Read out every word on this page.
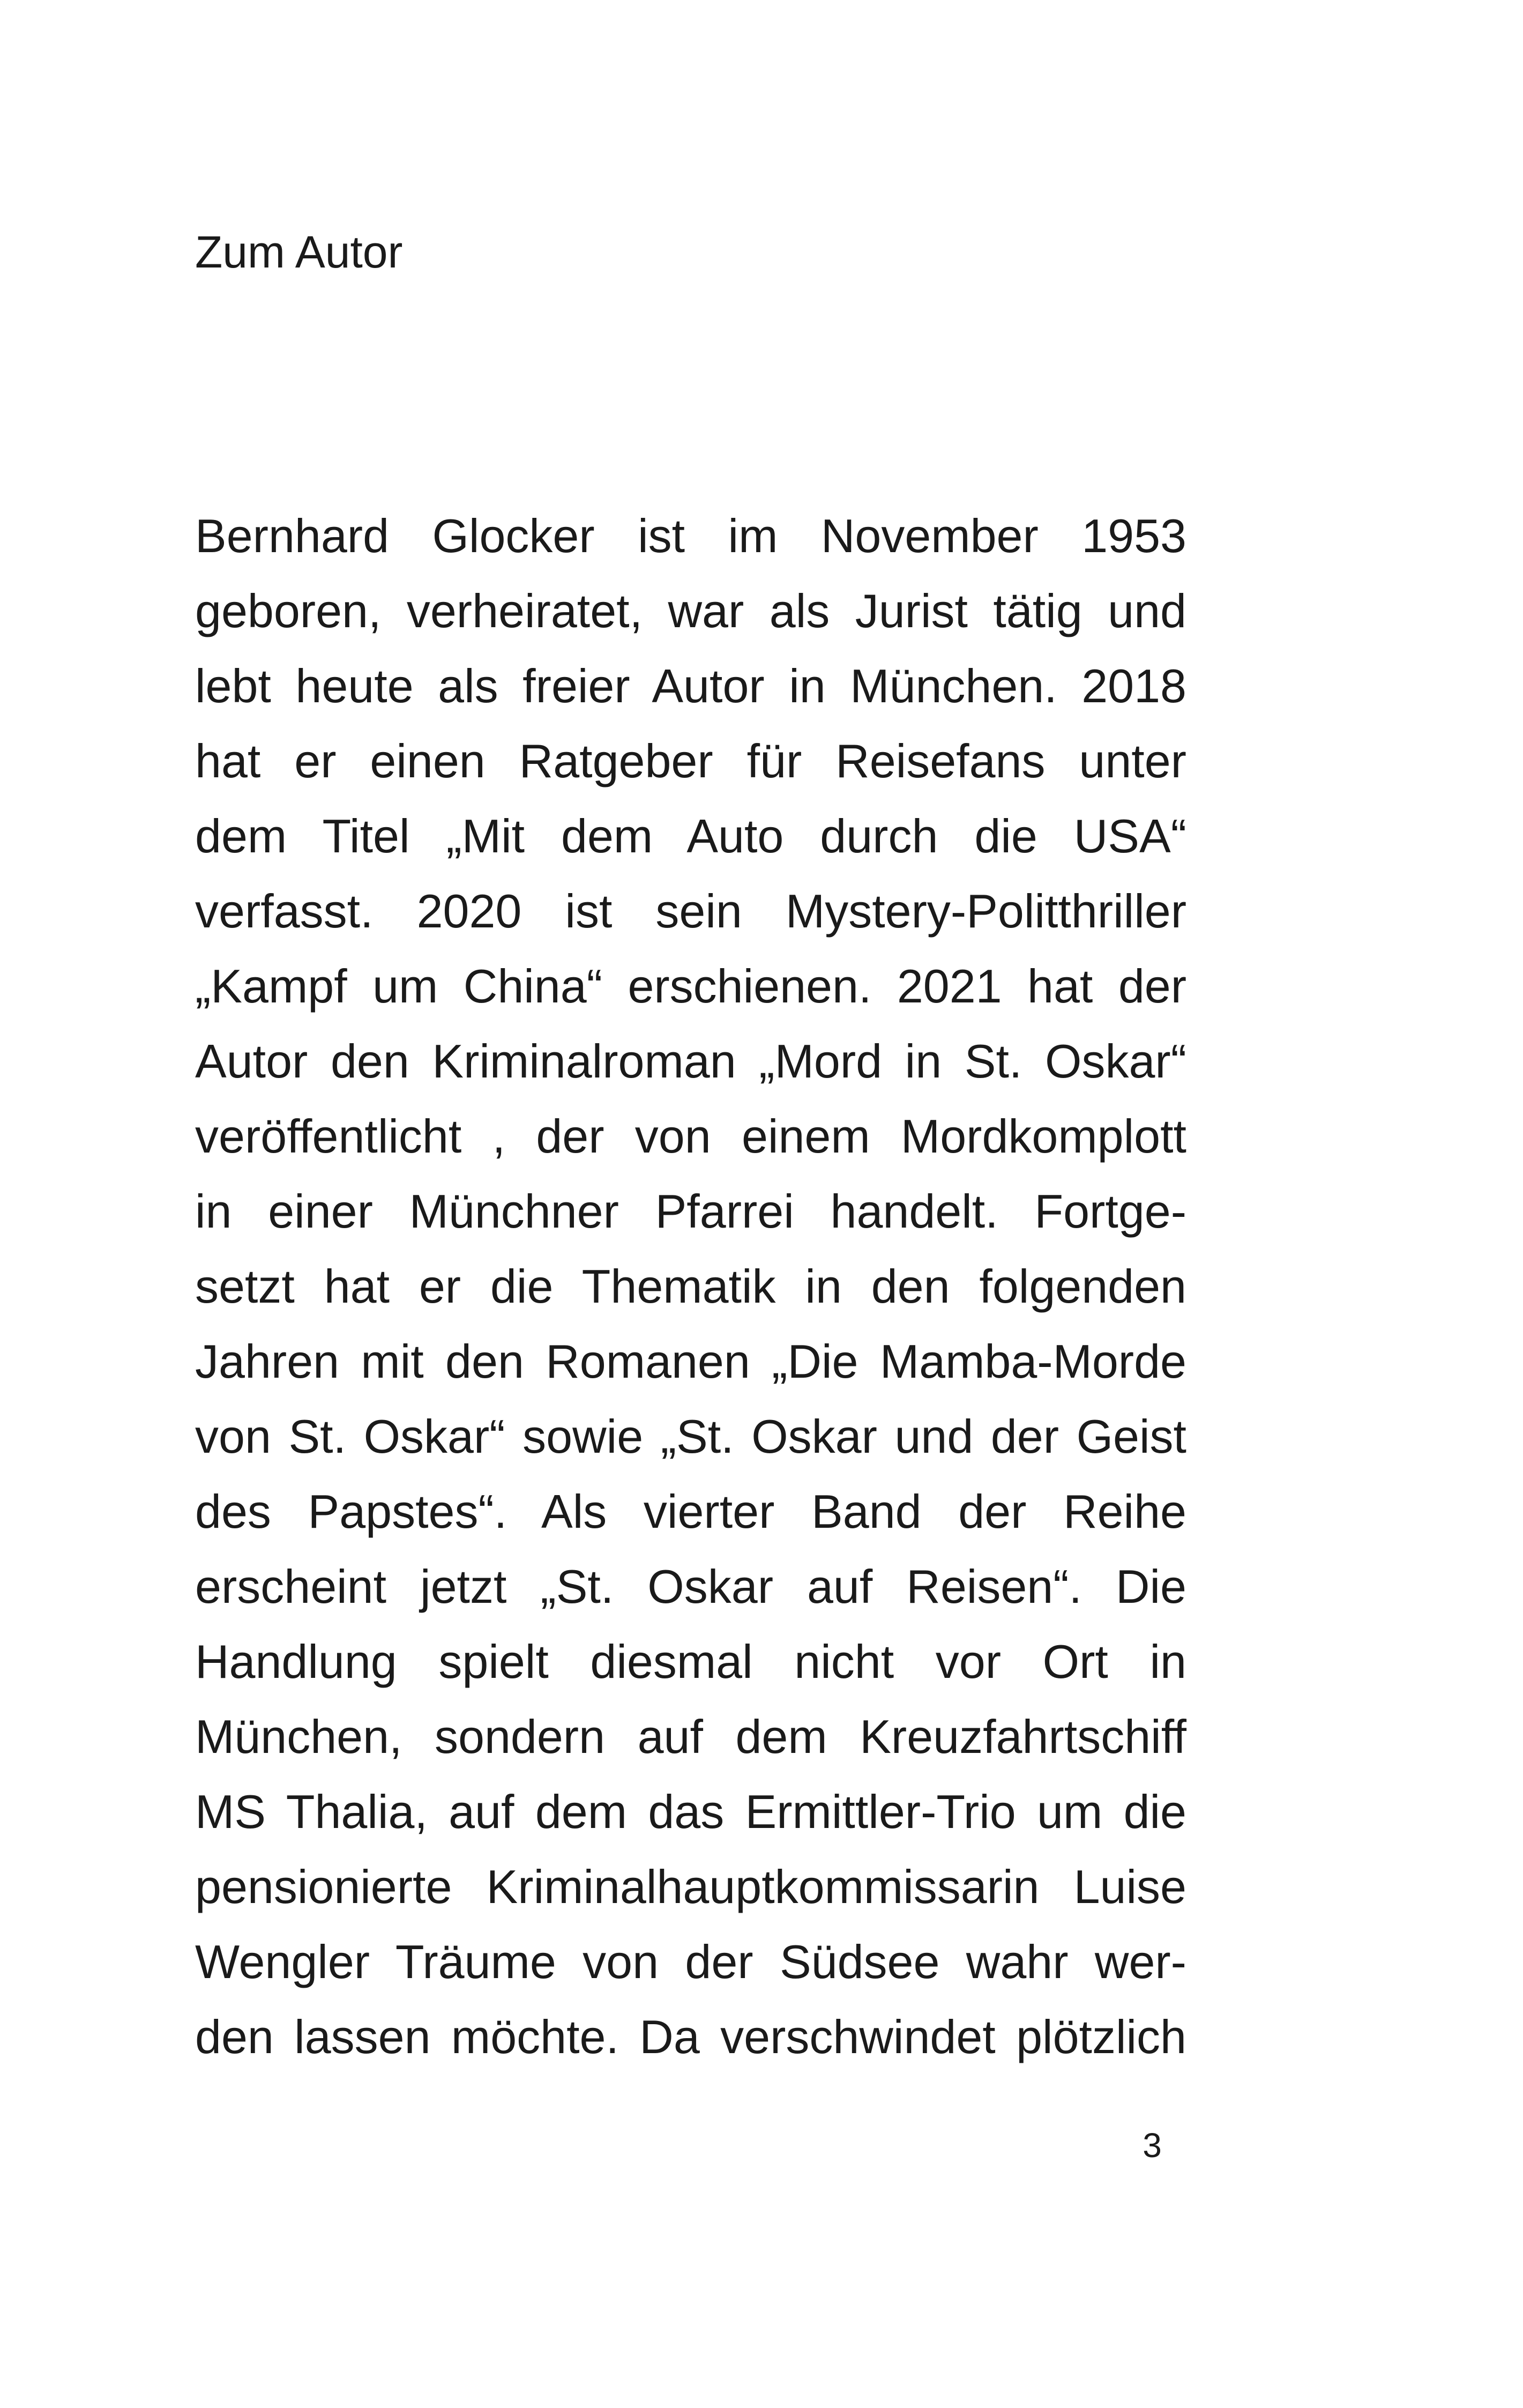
Zum Autor
Bernhard Glocker ist im November 1953
geboren, verheiratet, war als Jurist tätig und
lebt heute als freier Autor in München. 2018
hat er einen Ratgeber für Reisefans unter
dem Titel „Mit dem Auto durch die USA“
verfasst. 2020 ist sein Mystery-Politthriller
„Kampf um China“ erschienen. 2021 hat der
Autor den Kriminalroman „Mord in St. Oskar“
veröffentlicht , der von einem Mordkomplott
in einer Münchner Pfarrei handelt. Fortge-
setzt hat er die Thematik in den folgenden
Jahren mit den Romanen „Die Mamba-Morde
von St. Oskar“ sowie „St. Oskar und der Geist
des Papstes“. Als vierter Band der Reihe
erscheint jetzt „St. Oskar auf Reisen“. Die
Handlung spielt diesmal nicht vor Ort in
München, sondern auf dem Kreuzfahrtschiff
MS Thalia, auf dem das Ermittler-Trio um die
pensionierte Kriminalhauptkommissarin Luise
Wengler Träume von der Südsee wahr wer-
den lassen möchte. Da verschwindet plötzlich
3
